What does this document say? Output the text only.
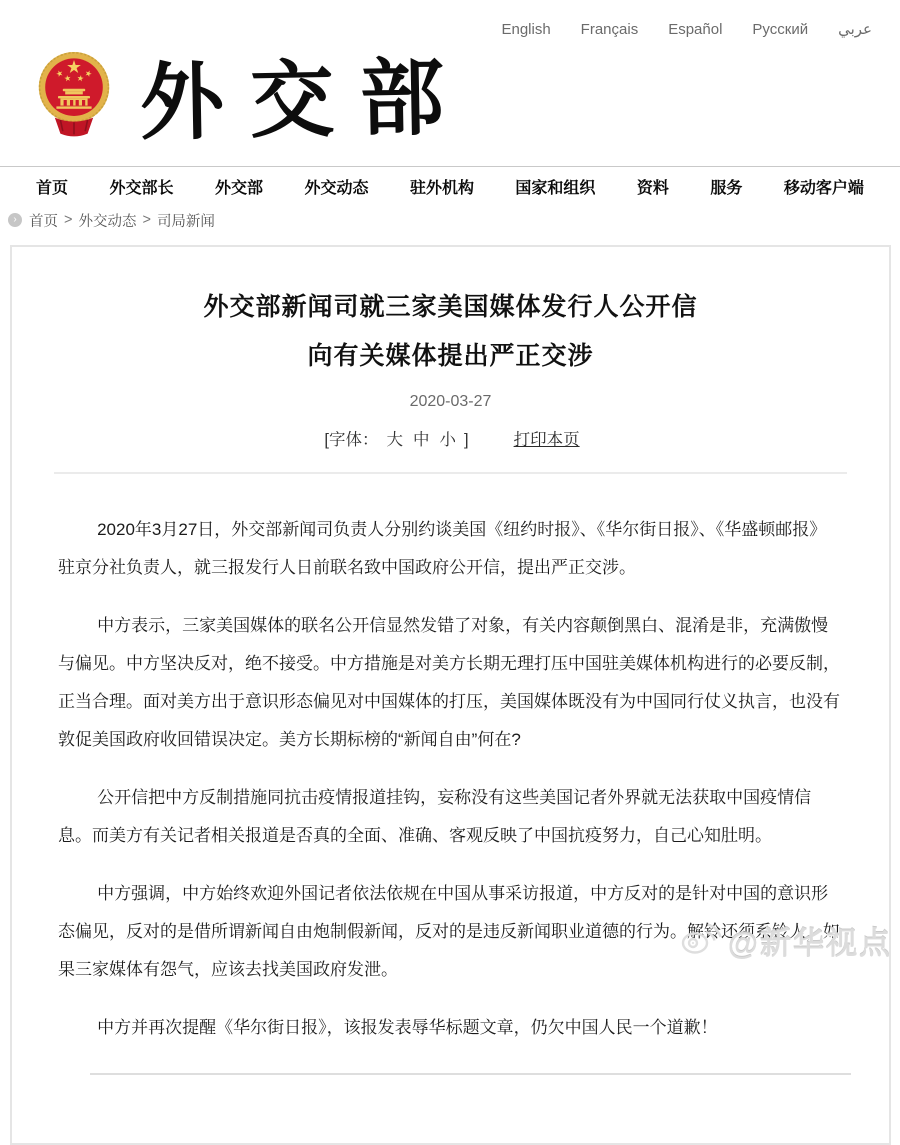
English Français Español Русский عربي
外交部
首页	外交部长	外交部	外交动态	驻外机构	国家和组织	资料	服务	移动客户端
› 首页 > 外交动态 > 司局新闻
外交部新闻司就三家美国媒体发行人公开信
向有关媒体提出严正交涉
2020-03-27
[字体： 大 中 小 ]	打印本页

2020年3月27日，外交部新闻司负责人分别约谈美国《纽约时报》、《华尔街日报》、《华盛顿邮报》驻京分社负责人，就三报发行人日前联名致中国政府公开信，提出严正交涉。

中方表示，三家美国媒体的联名公开信显然发错了对象，有关内容颠倒黑白、混淆是非，充满傲慢与偏见。中方坚决反对，绝不接受。中方措施是对美方长期无理打压中国驻美媒体机构进行的必要反制，正当合理。面对美方出于意识形态偏见对中国媒体的打压，美国媒体既没有为中国同行仗义执言，也没有敦促美国政府收回错误决定。美方长期标榜的“新闻自由”何在?

公开信把中方反制措施同抗击疫情报道挂钩，妄称没有这些美国记者外界就无法获取中国疫情信息。而美方有关记者相关报道是否真的全面、准确、客观反映了中国抗疫努力，自己心知肚明。

中方强调，中方始终欢迎外国记者依法依规在中国从事采访报道，中方反对的是针对中国的意识形态偏见，反对的是借所谓新闻自由炮制假新闻，反对的是违反新闻职业道德的行为。解铃还须系铃人，如果三家媒体有怨气，应该去找美国政府发泄。

中方并再次提醒《华尔街日报》，该报发表辱华标题文章，仍欠中国人民一个道歉！

@新华视点
